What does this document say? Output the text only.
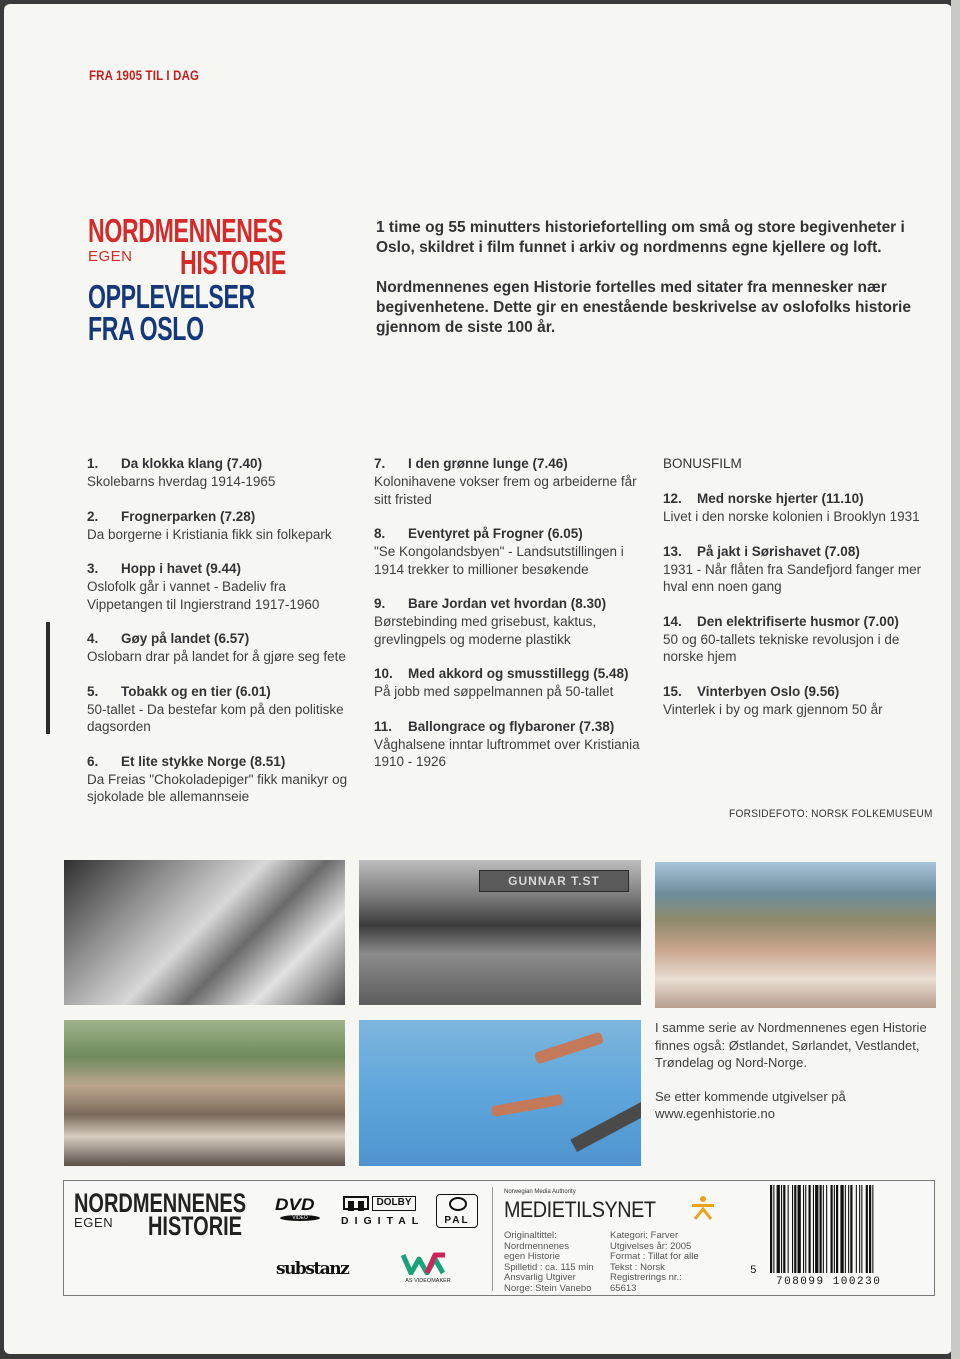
FRA 1905 TIL I DAG
NORDMENNENES
EGEN HISTORIE
OPPLEVELSER
FRA OSLO

1 time og 55 minutters historiefortelling om små og store begivenheter i Oslo, skildret i film funnet i arkiv og nordmenns egne kjellere og loft.

Nordmennenes egen Historie fortelles med sitater fra mennesker nær begivenhetene. Dette gir en enestående beskrivelse av oslofolks historie gjennom de siste 100 år.

1. Da klokka klang (7.40)
Skolebarns hverdag 1914-1965
2. Frognerparken (7.28)
Da borgerne i Kristiania fikk sin folkepark
3. Hopp i havet (9.44)
Oslofolk går i vannet - Badeliv fra Vippetangen til Ingierstrand 1917-1960
4. Gøy på landet (6.57)
Oslobarn drar på landet for å gjøre seg fete
5. Tobakk og en tier (6.01)
50-tallet - Da bestefar kom på den politiske dagsorden
6. Et lite stykke Norge (8.51)
Da Freias "Chokoladepiger" fikk manikyr og sjokolade ble allemannseie
7. I den grønne lunge (7.46)
Kolonihavene vokser frem og arbeiderne får sitt fristed
8. Eventyret på Frogner (6.05)
"Se Kongolandsbyen" - Landsutstillingen i 1914 trekker to millioner besøkende
9. Bare Jordan vet hvordan (8.30)
Børstebinding med grisebust, kaktus, grevlingpels og moderne plastikk
10. Med akkord og smusstillegg (5.48)
På jobb med søppelmannen på 50-tallet
11. Ballongrace og flybaroner (7.38)
Våghalsene inntar luftrommet over Kristiania 1910 - 1926
BONUSFILM
12. Med norske hjerter (11.10)
Livet i den norske kolonien i Brooklyn 1931
13. På jakt i Sørishavet (7.08)
1931 - Når flåten fra Sandefjord fanger mer hval enn noen gang
14. Den elektrifiserte husmor (7.00)
50 og 60-tallets tekniske revolusjon i de norske hjem
15. Vinterbyen Oslo (9.56)
Vinterlek i by og mark gjennom 50 år
FORSIDEFOTO: NORSK FOLKEMUSEUM
GUNNAR T.ST

I samme serie av Nordmennenes egen Historie finnes også: Østlandet, Sørlandet, Vestlandet, Trøndelag og Nord-Norge.

Se etter kommende utgivelser på www.egenhistorie.no

NORDMENNENES
EGEN HISTORIE
DVD
VIDEO
DOLBY
DIGITAL	PAL
substanz
AS VIDEOMAKER
Norwegian Media Authority
MEDIETILSYNET
Originaltittel:
Nordmennenes
egen Historie
Spilletid : ca. 115 min
Ansvarlig Utgiver
Norge: Stein Vanebo
Kategori: Farver
Utgivelses år: 2005
Format : Tillat for alle
Tekst : Norsk
Registrerings nr.:
65613
5
708099 100230
